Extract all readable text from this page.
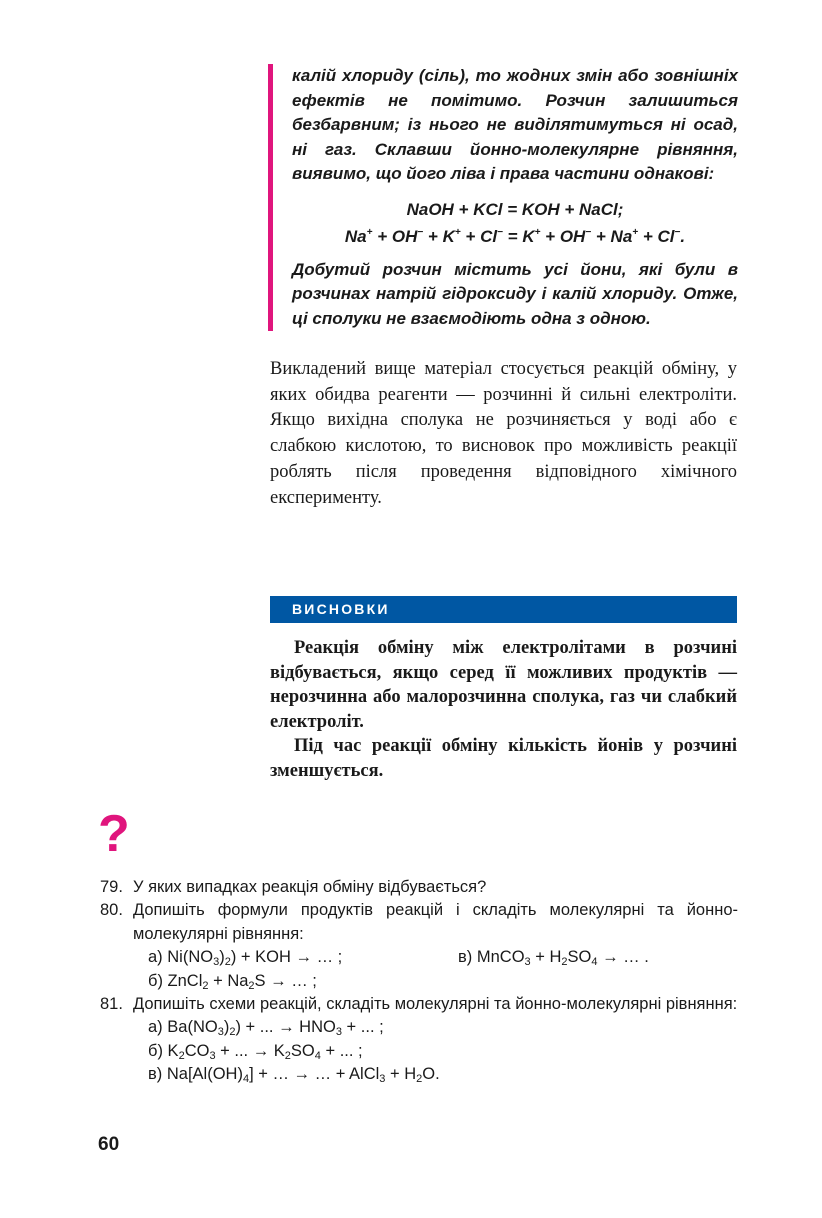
калій хлориду (сіль), то жодних змін або зовнішніх ефектів не помітимо. Розчин залишиться безбарвним; із нього не виділятимуться ні осад, ні газ. Склавши йонно-молекулярне рівняння, виявимо, що його ліва і права частини однакові:

NaOH + KCl = KOH + NaCl;
Na+ + OH− + K+ + Cl− = K+ + OH− + Na+ + Cl−.

Добутий розчин містить усі йони, які були в розчинах натрій гідроксиду і калій хлориду. Отже, ці сполуки не взаємодіють одна з одною.

Викладений вище матеріал стосується реакцій обміну, у яких обидва реагенти — розчинні й сильні електроліти. Якщо вихідна сполука не розчиняється у воді або є слабкою кислотою, то висновок про можливість реакції роблять після проведення відповідного хімічного експерименту.

ВИСНОВКИ

Реакція обміну між електролітами в розчині відбувається, якщо серед її можливих продуктів — нерозчинна або малорозчинна сполука, газ чи слабкий електроліт.

Під час реакції обміну кількість йонів у розчині зменшується.

?
79. У яких випадках реакція обміну відбувається?
80. Допишіть формули продуктів реакцій і складіть молекулярні та йонно-молекулярні рівняння:
а) $Ni(NO_3)_2$) + KOH → … ;	в) MnCO$_3$ + $H_2SO_4$ → … .
б) ZnCl$_2$ + $Na_2S$ → … ;
81. Допишіть схеми реакцій, складіть молекулярні та йонно-молекулярні рівняння:
а) $Ba(NO_3)_2$) + ... → $HNO_3$ + ... ;
б) $K_2CO_3$ + ... → $K_2SO_4$ + ... ;
в) $Na[Al(OH)_4]$ + … → … + AlCl$_3$ + $H_2O$.
60
